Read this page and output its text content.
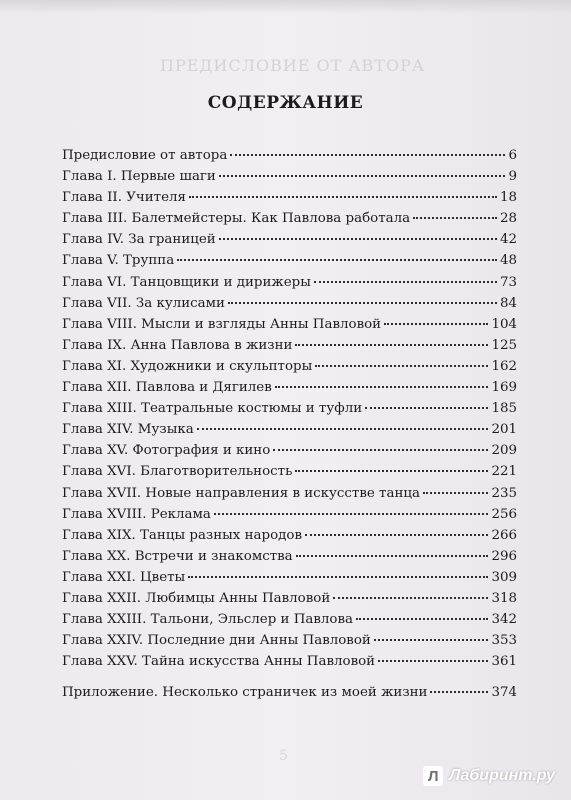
ПРЕДИСЛОВИЕ ОТ АВТОРА
СОДЕРЖАНИЕ
Предисловие от автора	6
Глава I. Первые шаги	9
Глава II. Учителя	18
Глава III. Балетмейстеры. Как Павлова работала	28
Глава IV. За границей	42
Глава V. Труппа	48
Глава VI. Танцовщики и дирижеры	73
Глава VII. За кулисами	84
Глава VIII. Мысли и взгляды Анны Павловой	104
Глава IX. Анна Павлова в жизни	125
Глава XI. Художники и скульпторы	162
Глава XII. Павлова и Дягилев	169
Глава XIII. Театральные костюмы и туфли	185
Глава XIV. Музыка	201
Глава XV. Фотография и кино	209
Глава XVI. Благотворительность	221
Глава XVII. Новые направления в искусстве танца	235
Глава XVIII. Реклама	256
Глава XIX. Танцы разных народов	266
Глава XX. Встречи и знакомства	296
Глава XXI. Цветы	309
Глава XXII. Любимцы Анны Павловой	318
Глава XXIII. Тальони, Эльслер и Павлова	342
Глава XXIV. Последние дни Анны Павловой	353
Глава XXV. Тайна искусства Анны Павловой	361
Приложение. Несколько страничек из моей жизни	374
5
Л Лабиринт.ру
